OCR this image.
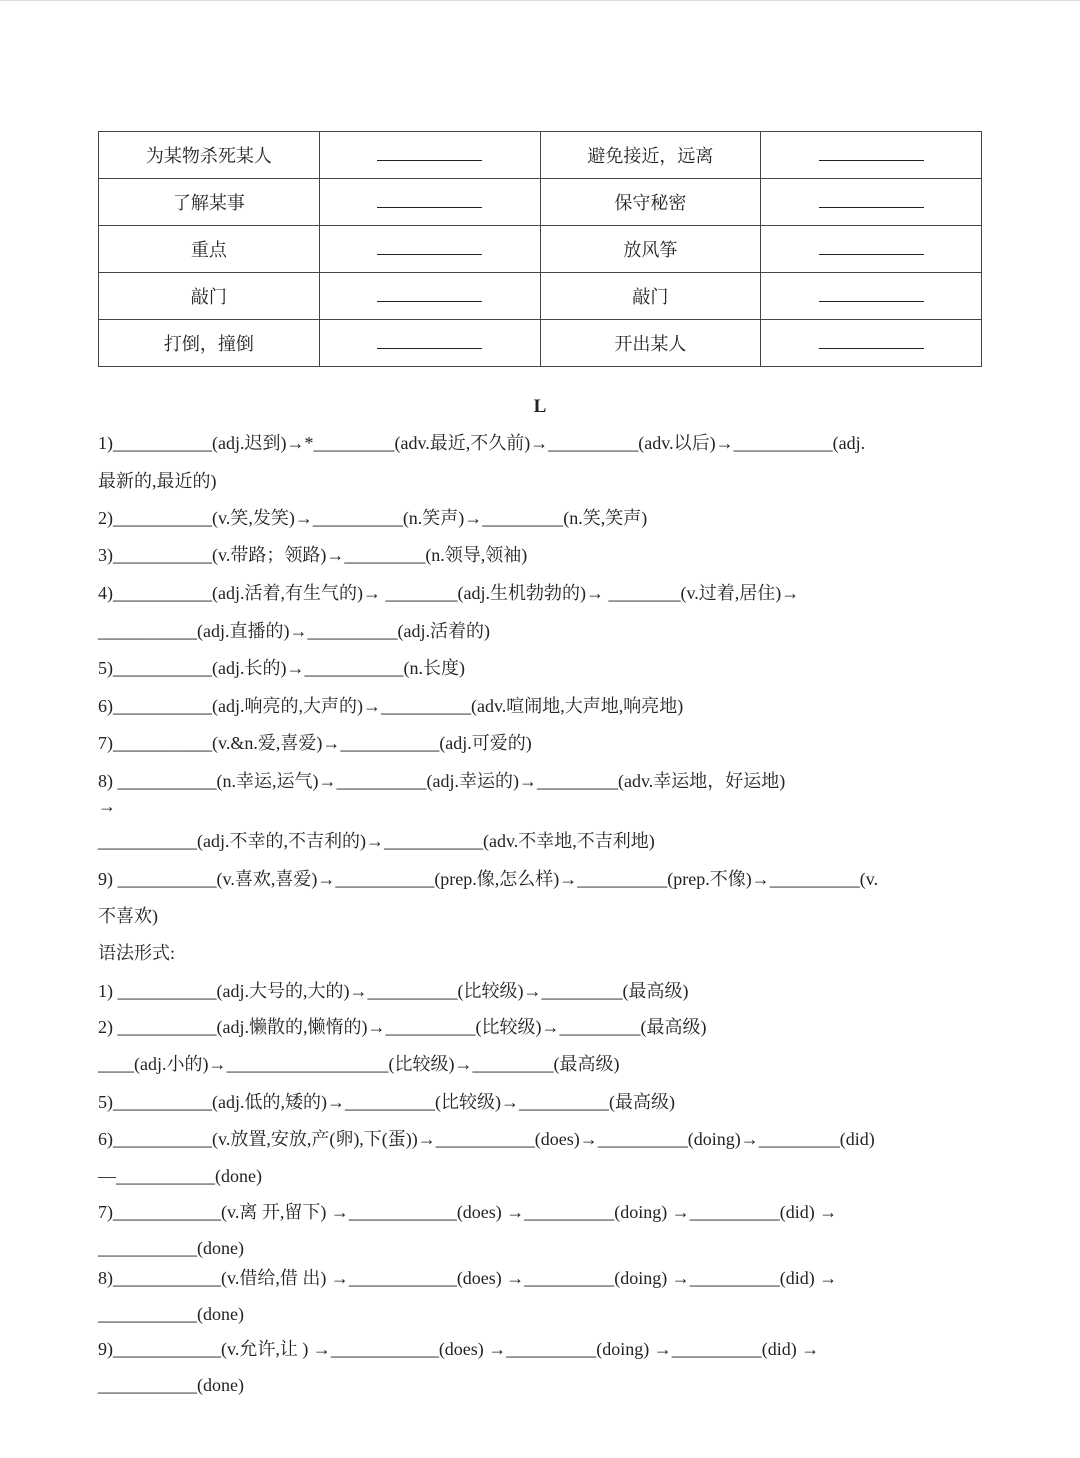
为某物杀死某人		避免接近，远离	
了解某事		保守秘密	
重点		放风筝	
敲门		敲门	
打倒，撞倒		开出某人	
L
1)___________(adj.迟到)→*_________(adv.最近,不久前)→__________(adv.以后)→___________(adj.
最新的,最近的)
2)___________(v.笑,发笑)→__________(n.笑声)→_________(n.笑,笑声)
3)___________(v.带路；领路)→_________(n.领导,领袖)
4)___________(adj.活着,有生气的)→ ________(adj.生机勃勃的)→ ________(v.过着,居住)→
___________(adj.直播的)→__________(adj.活着的)
5)___________(adj.长的)→___________(n.长度)
6)___________(adj.响亮的,大声的)→__________(adv.喧闹地,大声地,响亮地)
7)___________(v.&n.爱,喜爱)→___________(adj.可爱的)
8) ___________(n.幸运,运气)→__________(adj.幸运的)→_________(adv.幸运地，好运地)
→
___________(adj.不幸的,不吉利的)→___________(adv.不幸地,不吉利地)
9) ___________(v.喜欢,喜爱)→___________(prep.像,怎么样)→__________(prep.不像)→__________(v.
不喜欢)
语法形式:
1) ___________(adj.大号的,大的)→__________(比较级)→_________(最高级)
2) ___________(adj.懒散的,懒惰的)→__________(比较级)→_________(最高级)
____(adj.小的)→__________________(比较级)→_________(最高级)
5)___________(adj.低的,矮的)→__________(比较级)→__________(最高级)
6)___________(v.放置,安放,产(卵),下(蛋))→___________(does)→__________(doing)→_________(did)
—___________(done)
7)____________(v.离 开,留下) →____________(does) →__________(doing) →__________(did) →
___________(done)
8)____________(v.借给,借 出) →____________(does) →__________(doing) →__________(did) →
___________(done)
9)____________(v.允许,让 ) →____________(does) →__________(doing) →__________(did) →
___________(done)
